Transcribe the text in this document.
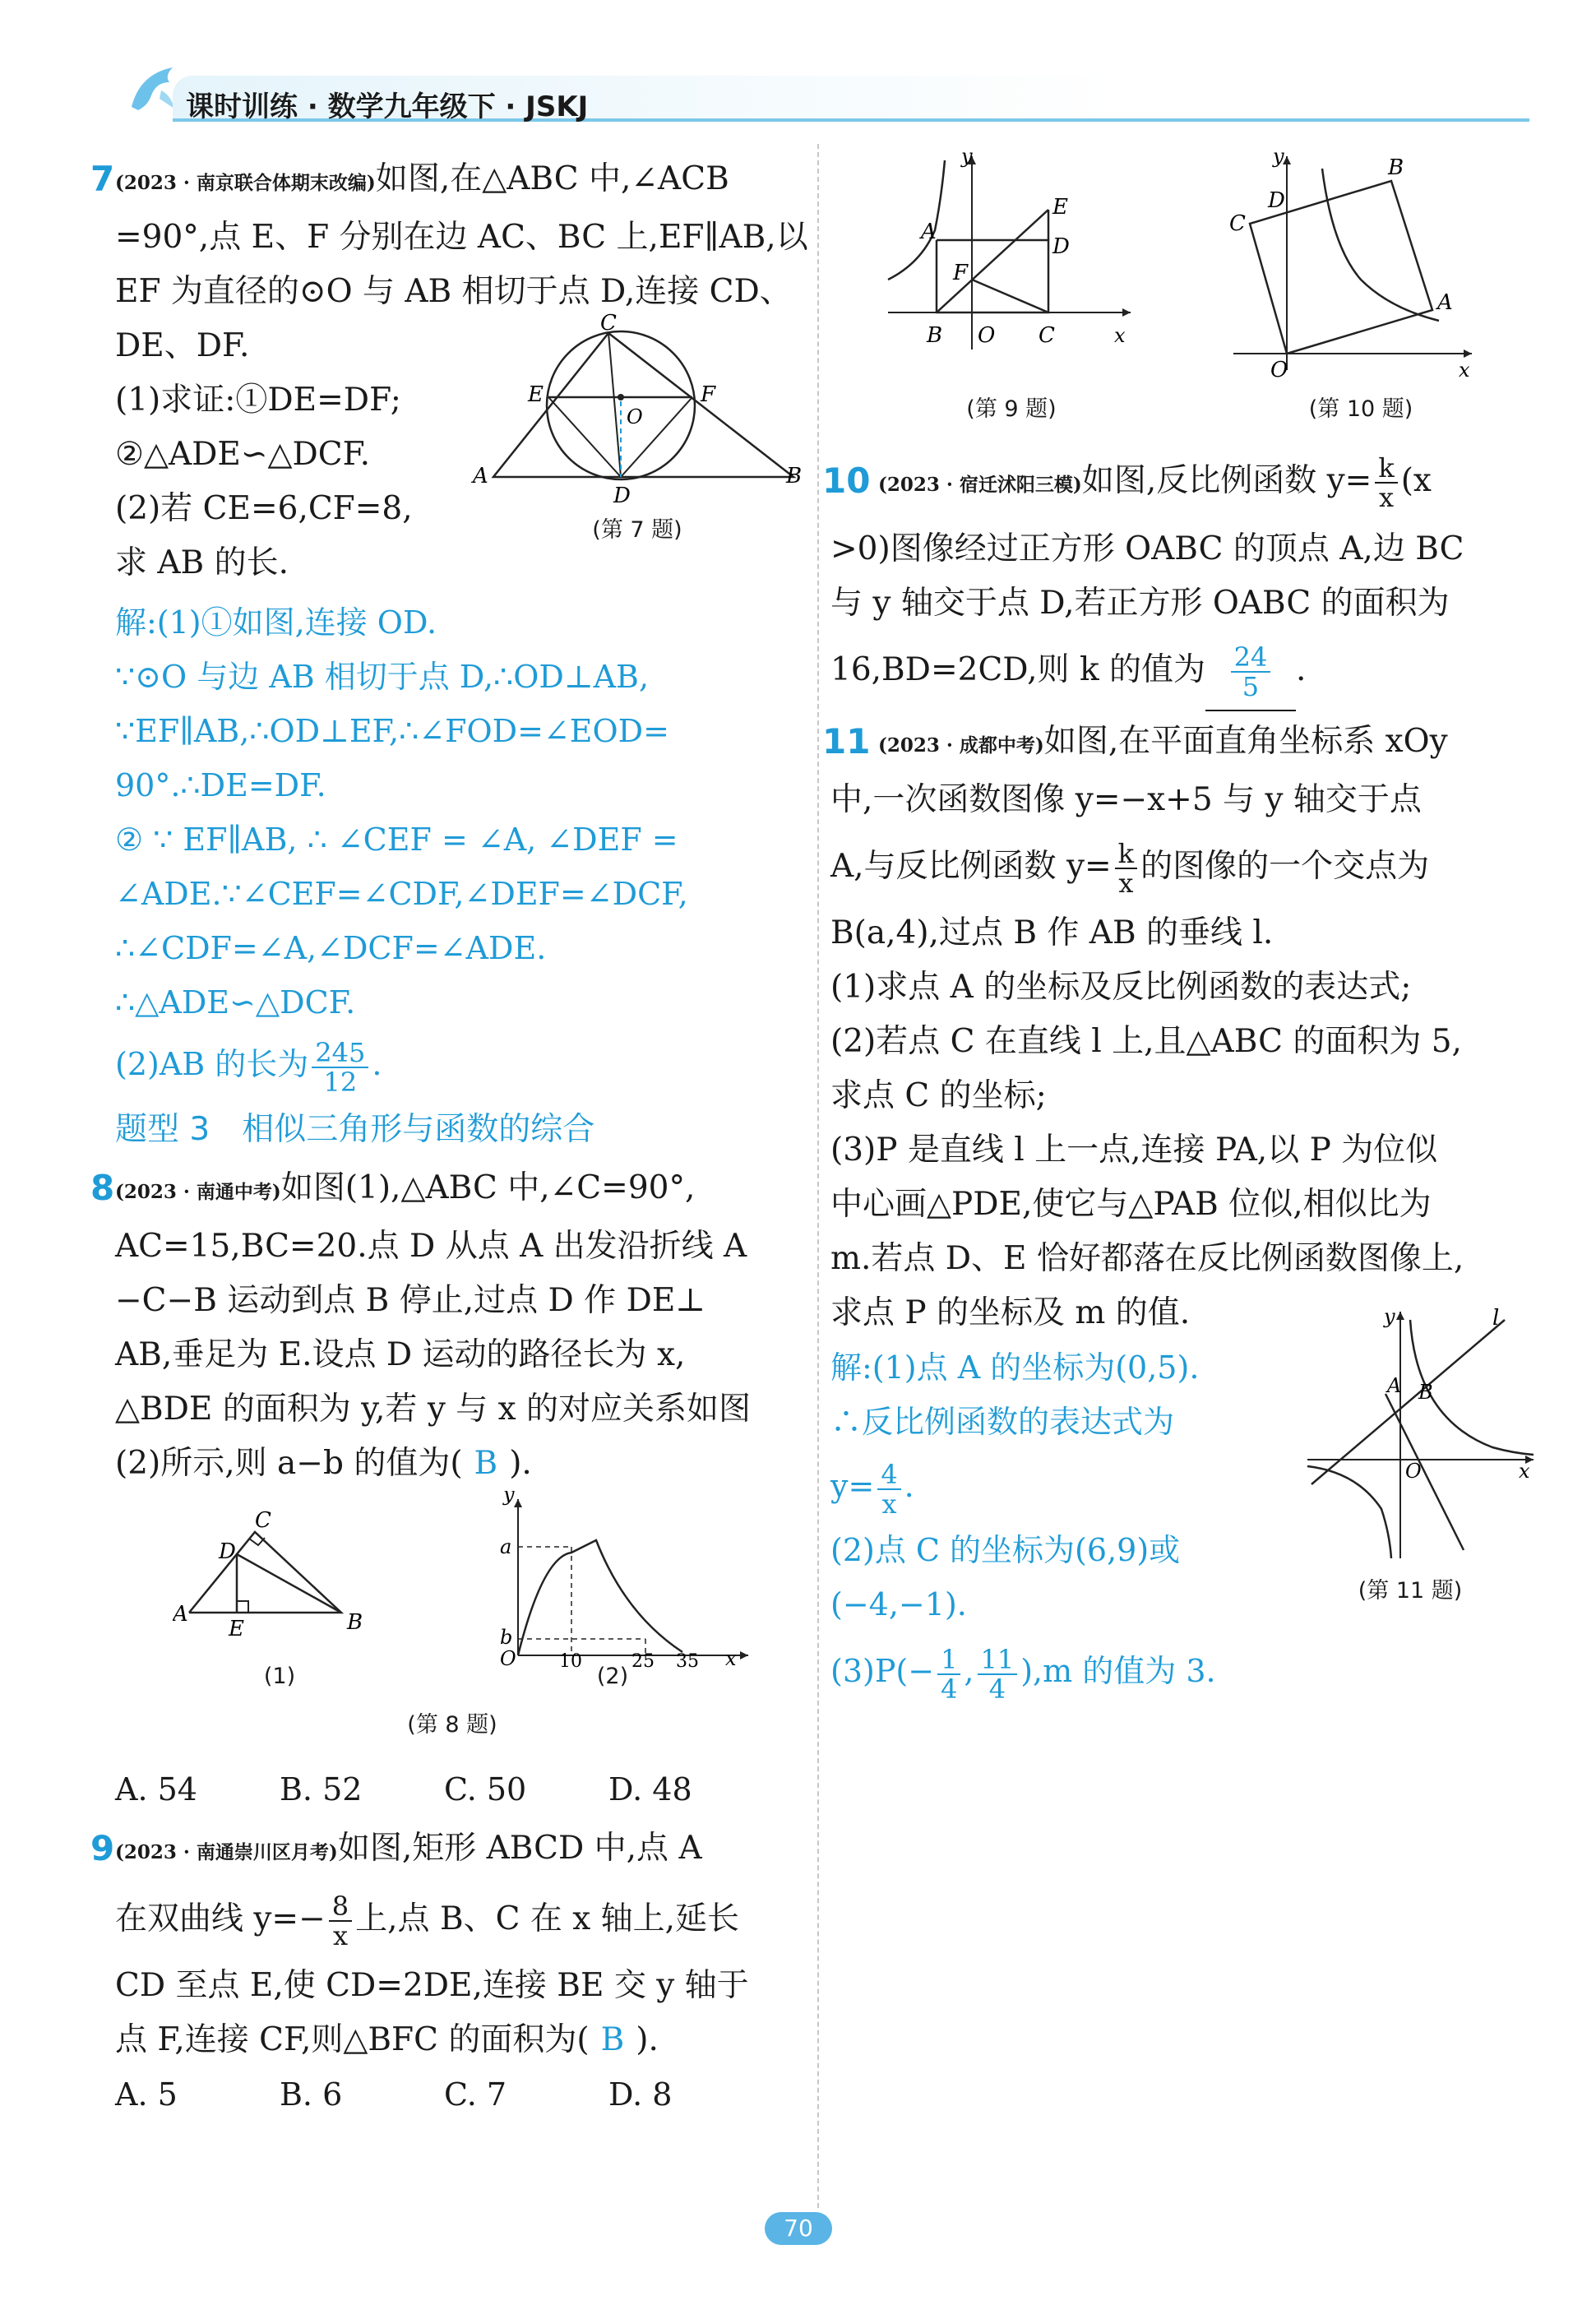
课时训练 · 数学九年级下 · JSKJ
7 (2023 · 南京联合体期末改编)如图,在△ABC 中,∠ACB
=90°,点 E、F 分别在边 AC、BC 上,EF∥AB,以
EF 为直径的⊙O 与 AB 相切于点 D,连接 CD、
DE、DF.
(1)求证:①DE=DF;
②△ADE∽△DCF.
(2)若 CE=6,CF=8,
求 AB 的长.
解:(1)①如图,连接 OD.
∵⊙O 与边 AB 相切于点 D,∴OD⊥AB,
∵EF∥AB,∴OD⊥EF,∴∠FOD=∠EOD=
90°.∴DE=DF.
② ∵ EF∥AB, ∴ ∠CEF = ∠A, ∠DEF =
∠ADE.∵∠CEF=∠CDF,∠DEF=∠DCF,
∴∠CDF=∠A,∠DCF=∠ADE.
∴△ADE∽△DCF.
(2)AB 的长为 $\frac{245}{12}$ .
题型 3　相似三角形与函数的综合
8 (2023 · 南通中考)如图(1),△ABC 中,∠C=90°,
AC=15,BC=20.点 D 从点 A 出发沿折线 A
−C−B 运动到点 B 停止,过点 D 作 DE⊥
AB,垂足为 E.设点 D 运动的路径长为 x,
△BDE 的面积为 y,若 y 与 x 的对应关系如图
(2)所示,则 a−b 的值为( B ).
A	B
C
D
E
(1)
y
a
b
O 10	25 35 x
(2)
(第 8 题)
A. 54	B. 52	C. 50	D. 48
9 (2023 · 南通崇川区月考)如图,矩形 ABCD 中,点 A
在双曲线 $y=- \frac{8}{x}$ 上,点 B、C 在 x 轴上,延长
CD 至点 E,使 CD=2DE,连接 BE 交 y 轴于
点 F,连接 CF,则△BFC 的面积为( B ).
A. 5	B. 6	C. 7	D. 8
C
E	F
O
A
D
B
(第 7 题)
y
A
E
D
F
B O C	x
(第 9 题)
y	B
D
C
A
O	x
(第 10 题)
10 (2023 · 宿迁沭阳三模)如图,反比例函数 $y= \frac{k}{x} (x$
>0)图像经过正方形 OABC 的顶点 A,边 BC
与 y 轴交于点 D,若正方形 OABC 的面积为
16,BD=2CD,则 k 的值为 $\frac{24}{5}$ .
11 (2023 · 成都中考)如图,在平面直角坐标系 xOy
中,一次函数图像 y=−x+5 与 y 轴交于点
A,与反比例函数 $y= \frac{k}{x}$ 的图像的一个交点为
B(a,4),过点 B 作 AB 的垂线 l.
(1)求点 A 的坐标及反比例函数的表达式;
(2)若点 C 在直线 l 上,且△ABC 的面积为 5,
求点 C 的坐标;
(3)P 是直线 l 上一点,连接 PA,以 P 为位似
中心画△PDE,使它与△PAB 位似,相似比为
m.若点 D、E 恰好都落在反比例函数图像上,
求点 P 的坐标及 m 的值.
解:(1)点 A 的坐标为(0,5).
∴反比例函数的表达式为
$y= \frac{4}{x}$ .
(2)点 C 的坐标为(6,9)或
(−4,−1).
$(3)P(- \frac{1}{4}$ , $\frac{11}{4} ),m$ 的值为 3.
y	l
A B
O	x
(第 11 题)
70
